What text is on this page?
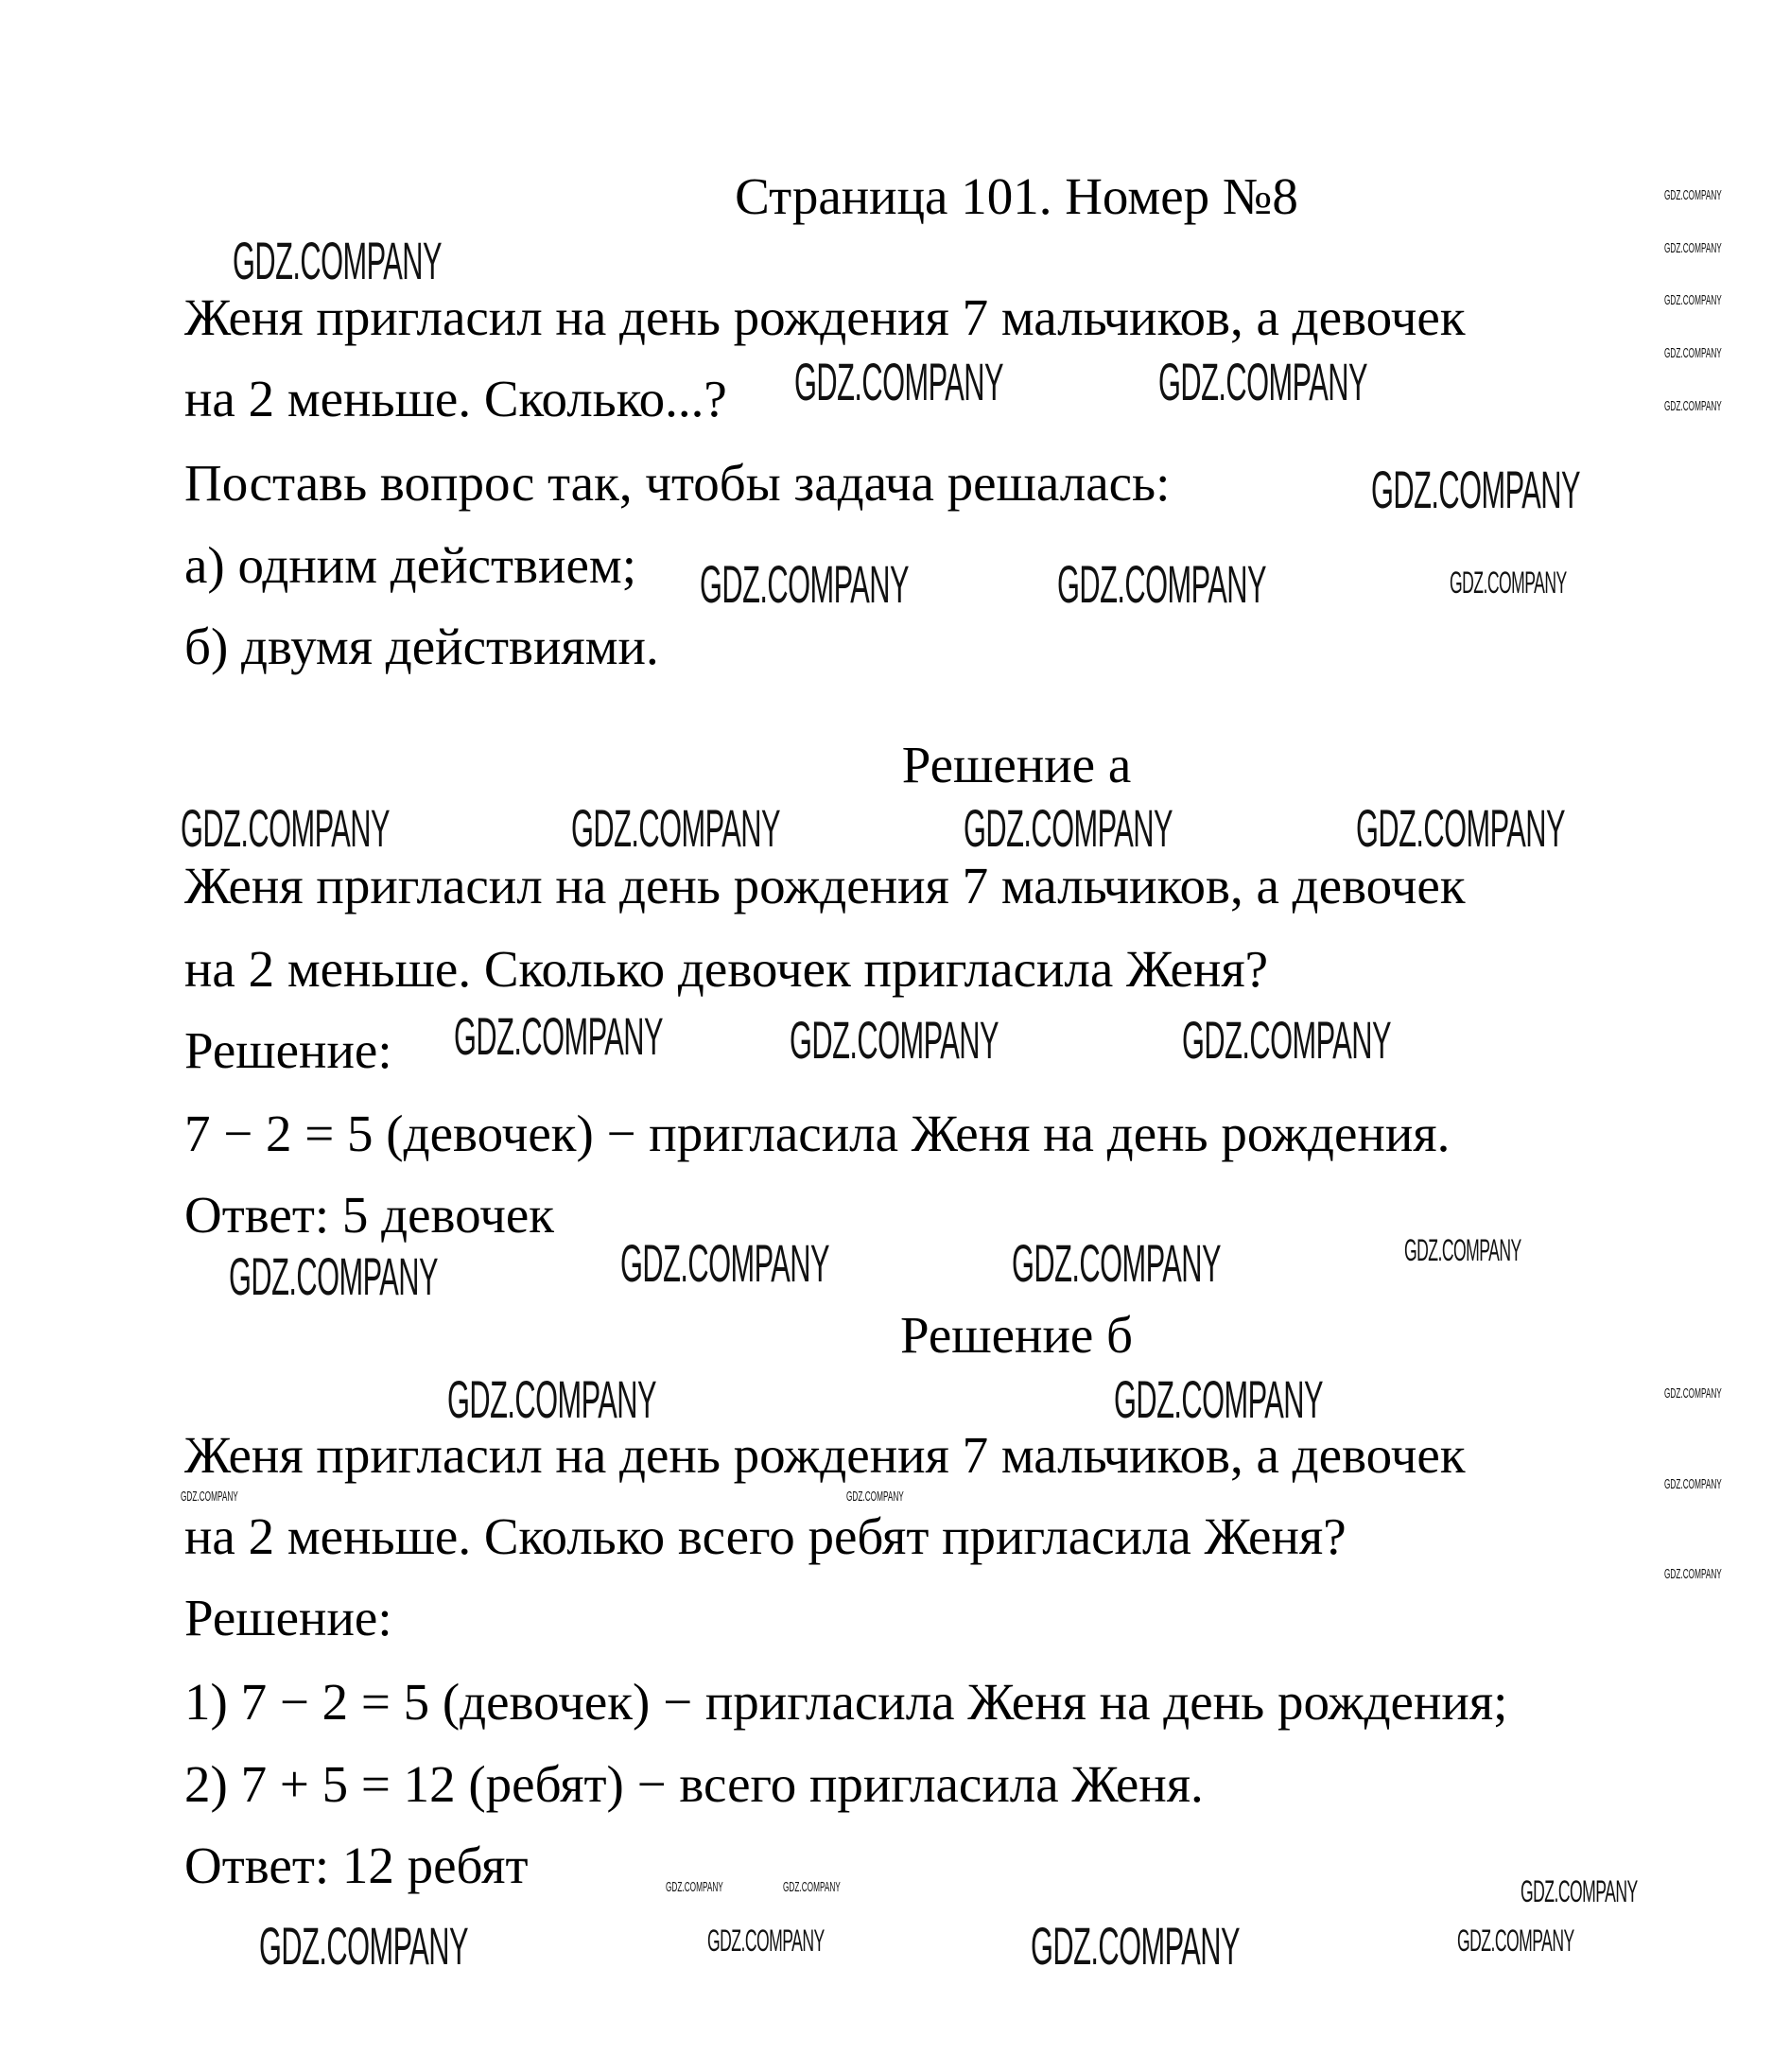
Страница 101. Номер №8
Женя пригласил на день рождения 7 мальчиков, а девочек
на 2 меньше. Сколько...?
Поставь вопрос так, чтобы задача решалась:
а) одним действием;
б) двумя действиями.
Решение а
Женя пригласил на день рождения 7 мальчиков, а девочек
на 2 меньше. Сколько девочек пригласила Женя?
Решение:
7 − 2 = 5 (девочек) − пригласила Женя на день рождения.
Ответ: 5 девочек
Решение б
Женя пригласил на день рождения 7 мальчиков, а девочек
на 2 меньше. Сколько всего ребят пригласила Женя?
Решение:
1) 7 − 2 = 5 (девочек) − пригласила Женя на день рождения;
2) 7 + 5 = 12 (ребят) − всего пригласила Женя.
Ответ: 12 ребят
GDZ.COMPANY
GDZ.COMPANY	GDZ.COMPANY
GDZ.COMPANY
GDZ.COMPANY	GDZ.COMPANY	GDZ.COMPANY
GDZ.COMPANY	GDZ.COMPANY	GDZ.COMPANY	GDZ.COMPANY
GDZ.COMPANY GDZ.COMPANY	GDZ.COMPANY
GDZ.COMPANY	GDZ.COMPANY	GDZ.COMPANY	GDZ.COMPANY
GDZ.COMPANY	GDZ.COMPANY
GDZ.COMPANY	GDZ.COMPANY	GDZ.COMPANY
GDZ.COMPANY
GDZ.COMPANY
GDZ.COMPANY
GDZ.COMPANY
GDZ.COMPANY
GDZ.COMPANY
GDZ.COMPANY
GDZ.COMPANY
GDZ.COMPANY
GDZ.COMPANY	GDZ.COMPANY
GDZ.COMPANY	GDZ.COMPANY	GDZ.COMPANY
